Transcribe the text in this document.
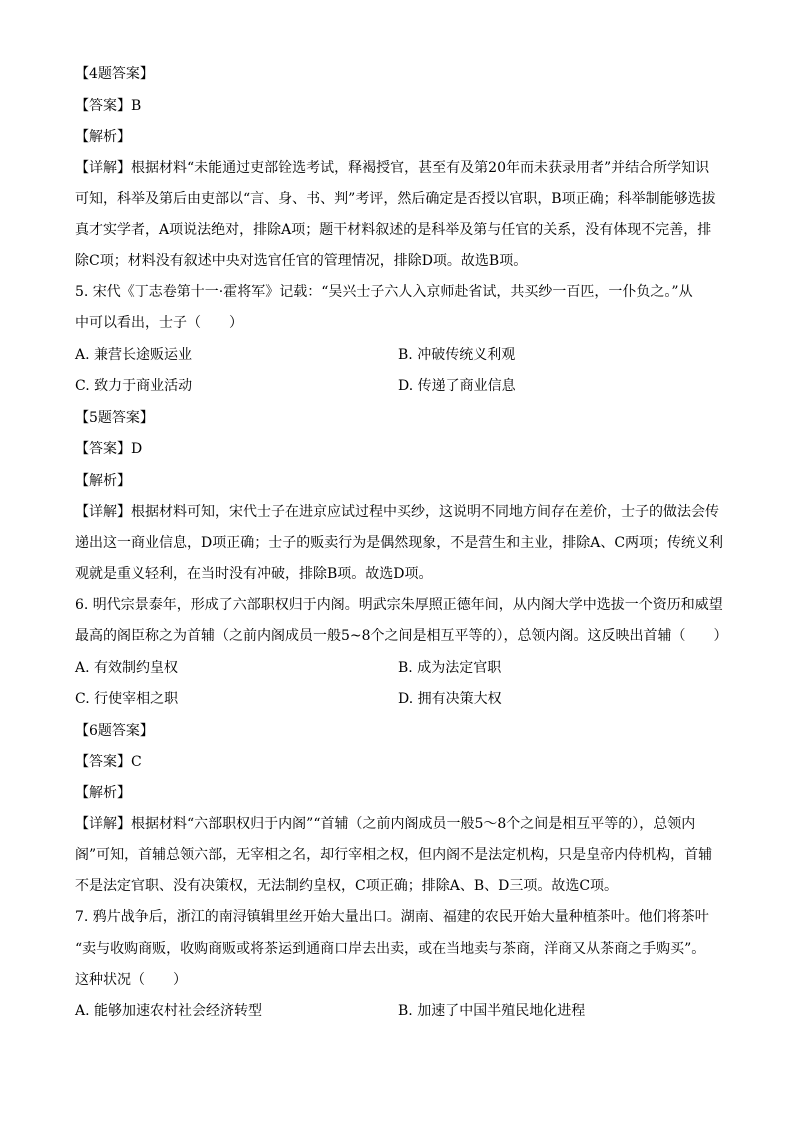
【4题答案】
【答案】B
【解析】
【详解】根据材料“未能通过吏部铨选考试，释褐授官，甚至有及第20年而未获录用者”并结合所学知识
可知，科举及第后由吏部以“言、身、书、判”考评，然后确定是否授以官职，B项正确；科举制能够选拔
真才实学者，A项说法绝对，排除A项；题干材料叙述的是科举及第与任官的关系，没有体现不完善，排
除C项；材料没有叙述中央对选官任官的管理情况，排除D项。故选B项。
5. 宋代《丁志卷第十一·霍将军》记载：“吴兴士子六人入京师赴省试，共买纱一百匹，一仆负之。”从
中可以看出，士子（　　）
A. 兼营长途贩运业	B. 冲破传统义利观
C. 致力于商业活动	D. 传递了商业信息
【5题答案】
【答案】D
【解析】
【详解】根据材料可知，宋代士子在进京应试过程中买纱，这说明不同地方间存在差价，士子的做法会传
递出这一商业信息，D项正确；士子的贩卖行为是偶然现象，不是营生和主业，排除A、C两项；传统义利
观就是重义轻利，在当时没有冲破，排除B项。故选D项。
6. 明代宗景泰年，形成了六部职权归于内阁。明武宗朱厚照正德年间，从内阁大学中选拔一个资历和威望
最高的阁臣称之为首辅（之前内阁成员一般5~8个之间是相互平等的），总领内阁。这反映出首辅（　　）
A. 有效制约皇权	B. 成为法定官职
C. 行使宰相之职	D. 拥有决策大权
【6题答案】
【答案】C
【解析】
【详解】根据材料“六部职权归于内阁”“首辅（之前内阁成员一般5～8个之间是相互平等的），总领内
阁”可知，首辅总领六部，无宰相之名，却行宰相之权，但内阁不是法定机构，只是皇帝内侍机构，首辅
不是法定官职、没有决策权，无法制约皇权，C项正确；排除A、B、D三项。故选C项。
7. 鸦片战争后，浙江的南浔镇辑里丝开始大量出口。湖南、福建的农民开始大量种植茶叶。他们将茶叶
“卖与收购商贩，收购商贩或将茶运到通商口岸去出卖，或在当地卖与茶商，洋商又从茶商之手购买”。
这种状况（　　）
A. 能够加速农村社会经济转型	B. 加速了中国半殖民地化进程
